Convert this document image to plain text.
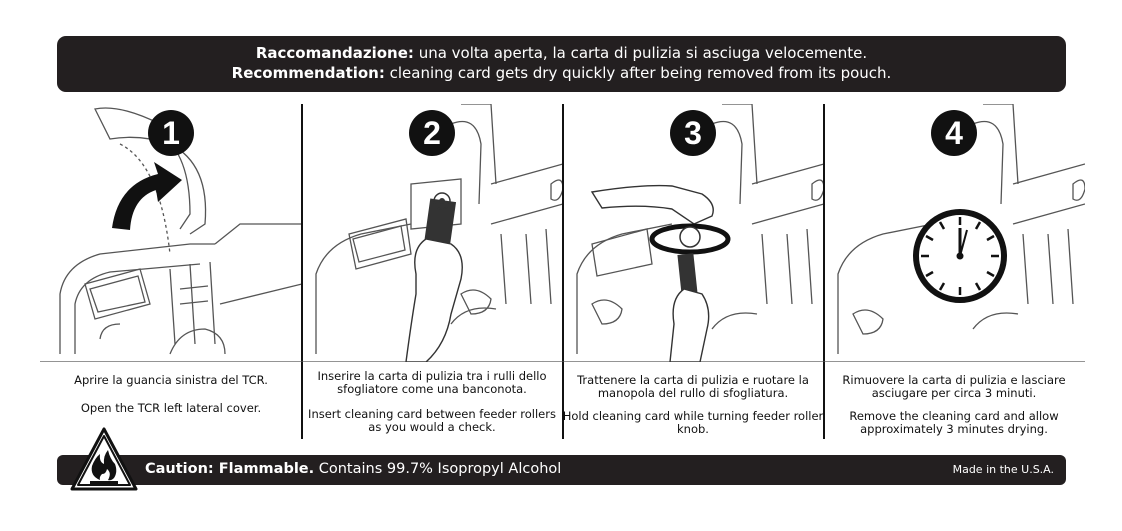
Raccomandazione: una volta aperta, la carta di pulizia si asciuga velocemente.
Recommendation: cleaning card gets dry quickly after being removed from its pouch.
1
Aprire la guancia sinistra del TCR.
Open the TCR left lateral cover.
2
Inserire la carta di pulizia tra i rulli dello sfogliatore come una banconota.
Insert cleaning card between feeder rollers as you would a check.
3
Trattenere la carta di pulizia e ruotare la manopola del rullo di sfogliatura.
Hold cleaning card while turning feeder roller knob.
4
Rimuovere la carta di pulizia e lasciare asciugare per circa 3 minuti.
Remove the cleaning card and allow approximately 3 minutes drying.
Caution: Flammable. Contains 99.7% Isopropyl Alcohol	Made in the U.S.A.
